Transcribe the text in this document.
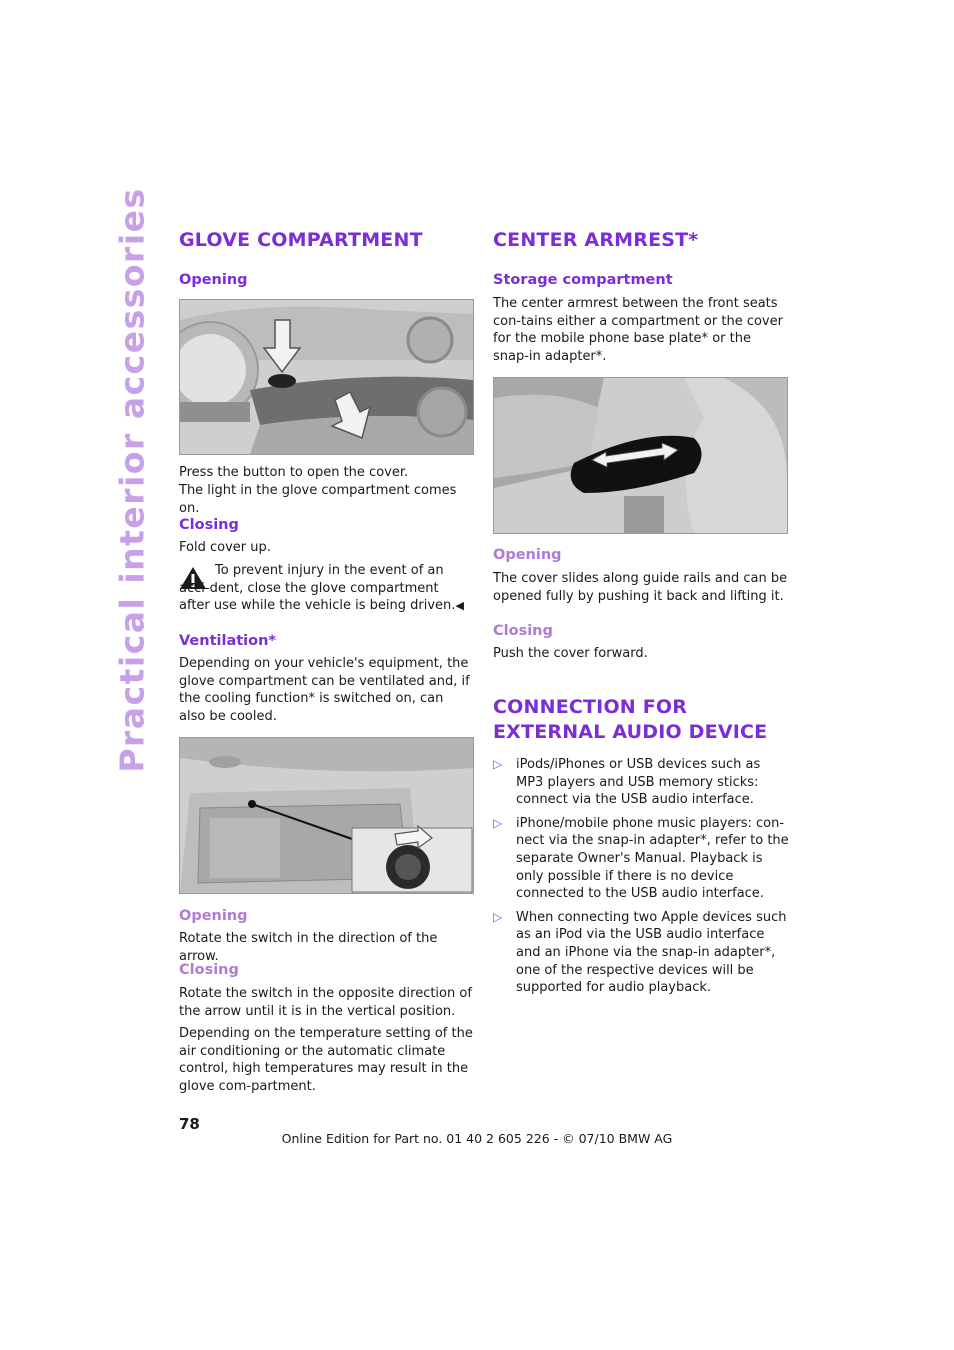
Practical interior accessories GLOVE COMPARTMENT
Opening

Press the button to open the cover.

The light in the glove compartment comes on.

Closing

Fold cover up.

To prevent injury in the event of an acci-dent, close the glove compartment after use while the vehicle is being driven.◀

Ventilation*

Depending on your vehicle's equipment, the glove compartment can be ventilated and, if the cooling function* is switched on, can also be cooled.

Opening

Rotate the switch in the direction of the arrow.

Closing

Rotate the switch in the opposite direction of the arrow until it is in the vertical position.

Depending on the temperature setting of the air conditioning or the automatic climate control, high temperatures may result in the glove com-partment.

CENTER ARMREST*
Storage compartment

The center armrest between the front seats con-tains either a compartment or the cover for the mobile phone base plate* or the snap-in adapter*.

Opening

The cover slides along guide rails and can be opened fully by pushing it back and lifting it.

Closing

Push the cover forward.

CONNECTION FOR EXTERNAL AUDIO DEVICE
▷ iPods/iPhones or USB devices such as MP3 players and USB memory sticks: connect via the USB audio interface.
▷ iPhone/mobile phone music players: con-nect via the snap-in adapter*, refer to the separate Owner's Manual. Playback is only possible if there is no device connected to the USB audio interface.
▷ When connecting two Apple devices such as an iPod via the USB audio interface and an iPhone via the snap-in adapter*, one of the respective devices will be supported for audio playback.
78
Online Edition for Part no. 01 40 2 605 226 - © 07/10 BMW AG
